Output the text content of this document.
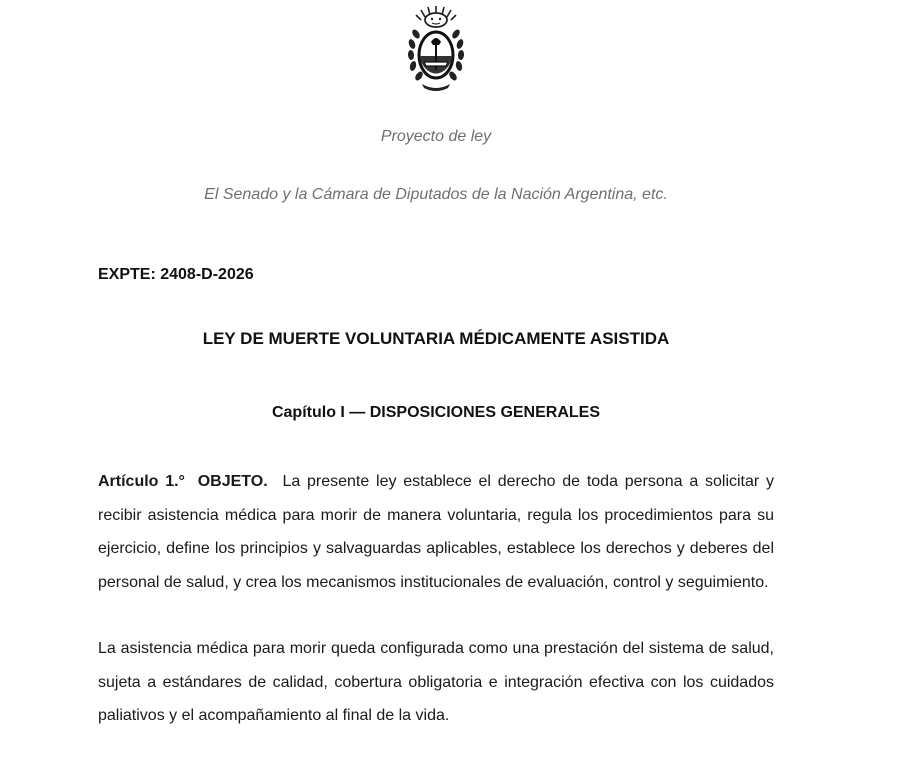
Proyecto de ley
El Senado y la Cámara de Diputados de la Nación Argentina, etc.
EXPTE: 2408-D-2026
LEY DE MUERTE VOLUNTARIA MÉDICAMENTE ASISTIDA
Capítulo I — DISPOSICIONES GENERALES
Artículo 1.° OBJETO. La presente ley establece el derecho de toda persona a solicitar y recibir asistencia médica para morir de manera voluntaria, regula los procedimientos para su ejercicio, define los principios y salvaguardas aplicables, establece los derechos y deberes del personal de salud, y crea los mecanismos institucionales de evaluación, control y seguimiento.
La asistencia médica para morir queda configurada como una prestación del sistema de salud, sujeta a estándares de calidad, cobertura obligatoria e integración efectiva con los cuidados paliativos y el acompañamiento al final de la vida.
